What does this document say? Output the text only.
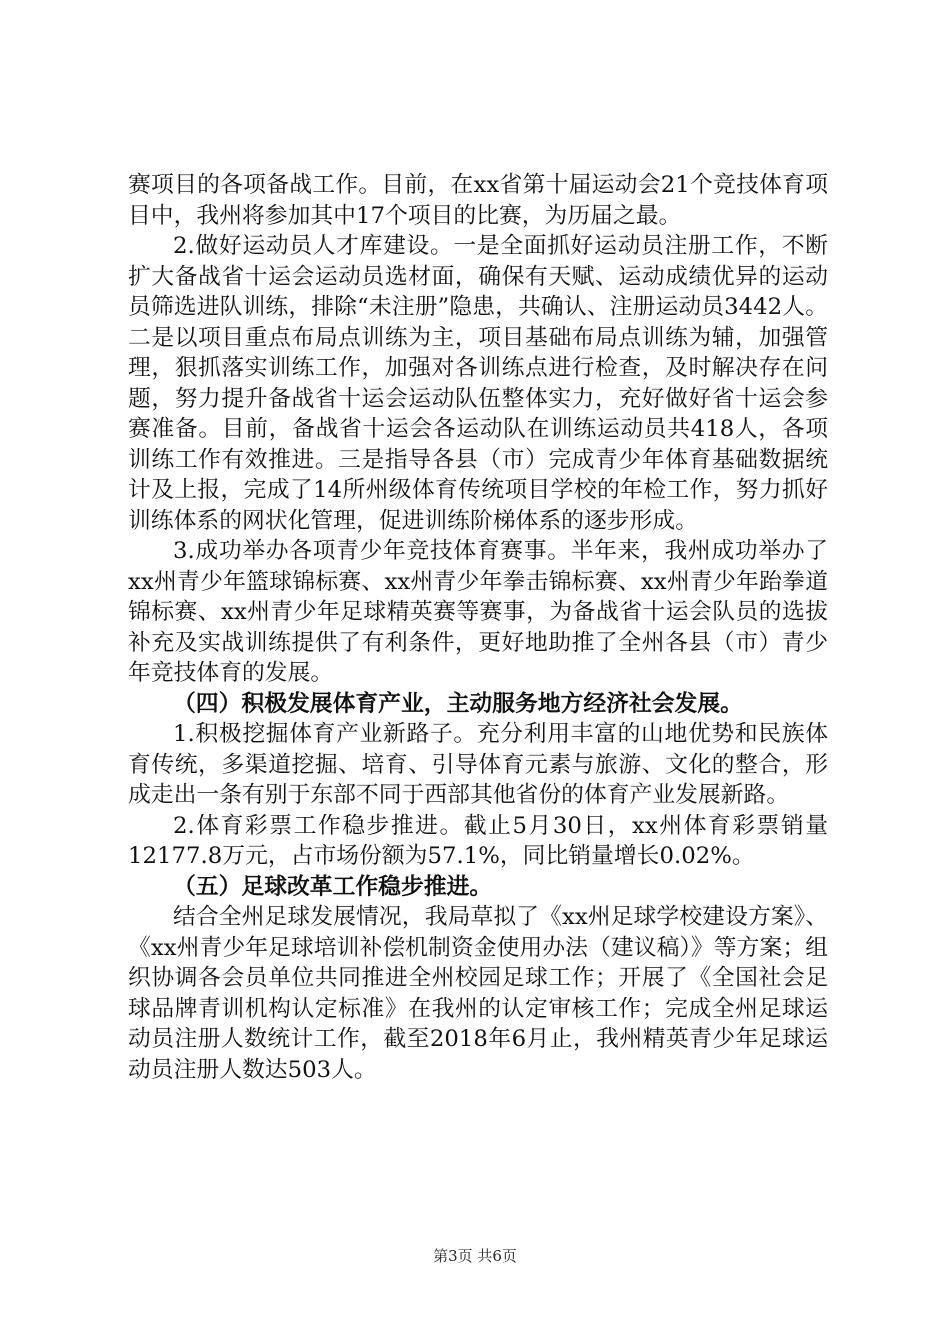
赛项目的各项备战工作。目前，在xx省第十届运动会21个竞技体育项目中，我州将参加其中17个项目的比赛，为历届之最。

2.做好运动员人才库建设。一是全面抓好运动员注册工作，不断扩大备战省十运会运动员选材面，确保有天赋、运动成绩优异的运动员筛选进队训练，排除“未注册”隐患，共确认、注册运动员3442人。二是以项目重点布局点训练为主，项目基础布局点训练为辅，加强管理，狠抓落实训练工作，加强对各训练点进行检查，及时解决存在问题，努力提升备战省十运会运动队伍整体实力，充好做好省十运会参赛准备。目前，备战省十运会各运动队在训练运动员共418人，各项训练工作有效推进。三是指导各县（市）完成青少年体育基础数据统计及上报，完成了14所州级体育传统项目学校的年检工作，努力抓好训练体系的网状化管理，促进训练阶梯体系的逐步形成。

3.成功举办各项青少年竞技体育赛事。半年来，我州成功举办了xx州青少年篮球锦标赛、xx州青少年拳击锦标赛、xx州青少年跆拳道锦标赛、xx州青少年足球精英赛等赛事，为备战省十运会队员的选拔补充及实战训练提供了有利条件，更好地助推了全州各县（市）青少年竞技体育的发展。

（四）积极发展体育产业，主动服务地方经济社会发展。

1.积极挖掘体育产业新路子。充分利用丰富的山地优势和民族体育传统，多渠道挖掘、培育、引导体育元素与旅游、文化的整合，形成走出一条有别于东部不同于西部其他省份的体育产业发展新路。

2.体育彩票工作稳步推进。截止5月30日，xx州体育彩票销量12177.8万元，占市场份额为57.1%，同比销量增长0.02%。

（五）足球改革工作稳步推进。

结合全州足球发展情况，我局草拟了《xx州足球学校建设方案》、《xx州青少年足球培训补偿机制资金使用办法（建议稿）》等方案；组织协调各会员单位共同推进全州校园足球工作；开展了《全国社会足球品牌青训机构认定标准》在我州的认定审核工作；完成全州足球运动员注册人数统计工作，截至2018年6月止，我州精英青少年足球运动员注册人数达503人。

第3页 共6页
